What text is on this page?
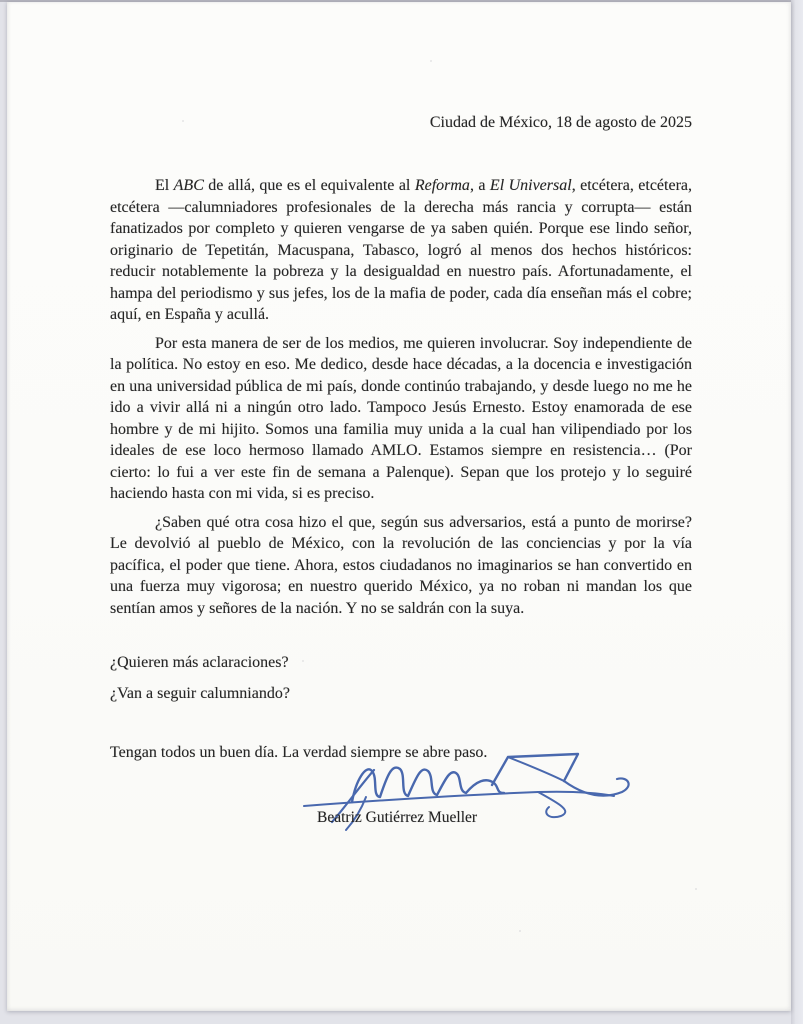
Ciudad de México, 18 de agosto de 2025

El ABC de allá, que es el equivalente al Reforma, a El Universal, etcétera, etcétera, etcétera —calumniadores profesionales de la derecha más rancia y corrupta— están fanatizados por completo y quieren vengarse de ya saben quién. Porque ese lindo señor, originario de Tepetitán, Macuspana, Tabasco, logró al menos dos hechos históricos: reducir notablemente la pobreza y la desigualdad en nuestro país. Afortunadamente, el hampa del periodismo y sus jefes, los de la mafia de poder, cada día enseñan más el cobre; aquí, en España y acullá.

Por esta manera de ser de los medios, me quieren involucrar. Soy independiente de la política. No estoy en eso. Me dedico, desde hace décadas, a la docencia e investigación en una universidad pública de mi país, donde continúo trabajando, y desde luego no me he ido a vivir allá ni a ningún otro lado. Tampoco Jesús Ernesto. Estoy enamorada de ese hombre y de mi hijito. Somos una familia muy unida a la cual han vilipendiado por los ideales de ese loco hermoso llamado AMLO. Estamos siempre en resistencia… (Por cierto: lo fui a ver este fin de semana a Palenque). Sepan que los protejo y lo seguiré haciendo hasta con mi vida, si es preciso.

¿Saben qué otra cosa hizo el que, según sus adversarios, está a punto de morirse? Le devolvió al pueblo de México, con la revolución de las conciencias y por la vía pacífica, el poder que tiene. Ahora, estos ciudadanos no imaginarios se han convertido en una fuerza muy vigorosa; en nuestro querido México, ya no roban ni mandan los que sentían amos y señores de la nación. Y no se saldrán con la suya.

¿Quieren más aclaraciones?
¿Van a seguir calumniando?
Tengan todos un buen día. La verdad siempre se abre paso.
Beatriz Gutiérrez Mueller
